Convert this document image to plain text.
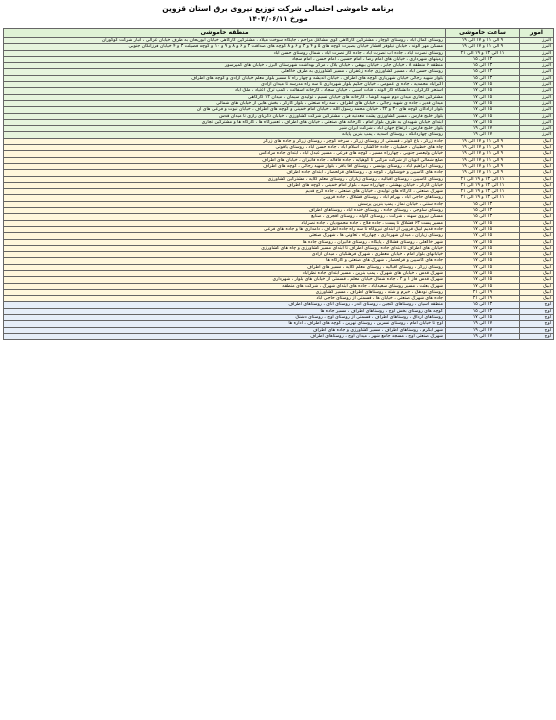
برنامه خاموشی احتمالی شرکت توزیع نیروی برق استان قزوین
مورخ ۱۴۰۴/۰۶/۱۱
امور	ساعت خاموشی	منطقه خاموشی
البرز	۹ الی ۱۱ و ۱۷ الی ۱۹	روستای کمال آباد ، روستای کوچار ، مشترکین کارگاهی کوی مشاغل مزاحم ، جایگاه سوخت میلاد ، مشترکین کارگاهی خیابان ابوریحان به طرف خیابان غزالی ، انبار شرکت گوگوران
البرز	۹ الی ۱۱ و ۱۷ الی ۱۹	مسکن مهر الوند ، خیابان نیلوفر اقشار خیابان بصیرت کوچه های ۵ و ۴ و ۳ و ۶ و ۸ کوچه های صداقت ۳ و ۶ و ۸ و ۹ و ۱۰ و کوچه فضیلت ۳ و ۴ خیابان فرزانگان جنوبی
البرز	۱۱ الی ۱۳ و ۱۹ الی ۲۱	روستای نصرت آباد ، جاده آب نصرت آباد ، جاده گاز نصرت آباد ، شمال روستای حسن آباد
البرز	۱۳ الی ۱۵	زمینهای شهرداری ، خیابان های امام رضا ، امام حسین ، امام حسن ، امام سجاد
البرز	۱۳ الی ۱۵	منطقه ۶ منطقه ۸ ، خیابان جابر ، خیابان بیهقی ، خیابان بلال ، مرکز بهداشت شهرستان البرز ، خیابان های کمپرسور
البرز	۱۳ الی ۱۵	روستای حسن آباد ، مسیر کشاورزی جاده زعفران ، مسیر کشاورزی به طرف خاکعلی
البرز	۱۳ الی ۱۵	بلوار شهید رجائی خیابان شهریاری کوچه های اطراف ، خیابان اندیشه و چهار راه تا مسیر بلوار معلم خیابان آزادی و کوچه های اطراف
البرز	۱۵ الی ۱۷	اکبرآباد محمدیه ، جاده ی عمومی ، خیابان حکیم بلوار شهرداری تا سه راه مدرسه تا میدان آزادی
البرز	۱۵ الی ۱۷	استخر کارگران ، دانشگاه کار الوند ، قنات اسبی ، خیابان سجاد ، کارخانه آسفالت ، کمپ ترک اعتیاد ، ملک آباد
البرز	۱۵ الی ۱۷	مشترکین تجاری میدان دوم شهید کوشا ، کارخانه های خیابان نسیم ، تولیدی سیمان ، میدان ۱۲ کارگاهی
البرز	۱۵ الی ۱۷	میدان قدیر ، جاده ی شهید رجائی ، خیابان های اطراف ، سه راه صنعتی ، بلوار کارگر ، بخش هایی از خیابان های شمالی
البرز	۱۵ الی ۱۷	بلوار آزادگان کوچه های ۳۰ و ۳۲ ، خیابان محمد رسول الله ، خیابان امام خمینی و کوچه های اطراف ، خیابان نبوت و فرعی های آن
البرز	۱۵ الی ۱۷	بلوار خلیج فارس ، مسیر کشاورزی پشت معدنیه قی ، مشترکین شرکت کشاورزی ، خیابان ذکریای رازی تا میدان قدس
البرز	۱۵ الی ۱۷	ابتدای خیابان شهیدان به طرف بلوار امام ، کارخانه های صنعتی ، خیابان های اطراف ، تعمیرگاه ها ، کارگاه ها و مشترکین تجاری
البرز	۱۷ الی ۱۹	بلوار خلیج فارس ، ارتفاع جهان آباد ، شرکت ایران شیر
البرز	۱۷ الی ۱۹	روستای چهاردانگه ، روستای اسدیه ، پمپ بنزین پایانه
آبیک	۹ الی ۱۱ و ۱۷ الی ۱۹	جاده زرگر ، باغ کوثر ، قسمتی از روستای زرگر ، سرخه کوچر ، روستای زرگر و جاده های زرگر
آبیک	۹ الی ۱۱ و ۱۷ الی ۱۹	چاه های خطیبان ، خطیبان ، جاده خاکشان ، اسلام آباد ، جاده حسن آباد ، روستای یاقوتی
آبیک	۹ الی ۱۱ و ۱۷ الی ۱۹	خیابان ولیعصر جنوبی ، چهارراه مسیر ، کوچه های فرعی ، مسیر عبدل آباد ، ابتدای جاده مرادکس
آبیک	۹ الی ۱۱ و ۱۷ الی ۱۹	ضلع شمالی اتوبان از شرکت مرکبی تا کوهپایه ، جاده قاقاله ، جاده فاتیزان ، خیابان های اطراف
آبیک	۹ الی ۱۱ و ۱۷ الی ۱۹	روستای ابراهیم آباد ، روستای یونسی ، روستای آقا باقر ، بلوار شهید رجائی ، کوچه های اطراف
آبیک	۹ الی ۱۱ و ۱۷ الی ۱۹	جاده های کاسپین و خوشگوار ، کوچه ی ، روستاهای قزلحصار ، ابتدای جاده اطراف
آبیک	۱۱ الی ۱۳ و ۱۹ الی ۲۱	روستای کاسپین ، روستای اقبالیه ، روستای زیاران ، روستای معلم کلایه ، مشترکین کشاورزی
آبیک	۱۱ الی ۱۳ و ۱۹ الی ۲۱	خیابان کارگر ، خیابان بهشتی ، چهارراه سپه ، بلوار امام خمینی ، کوچه های اطراف
آبیک	۱۱ الی ۱۳ و ۱۹ الی ۲۱	شهرک صنعتی ، کارگاه های تولیدی ، خیابان های صنعتی ، جاده کرج قدیم
آبیک	۱۱ الی ۱۳ و ۱۹ الی ۲۱	روستاهای حاجی آباد ، بهرام آباد ، روستای قشلاق ، جاده قزوین
آبیک	۱۳ الی ۱۵	جاده سنتی ، خیابان نماز ، پمپ بنزین پرسش
آبیک	۱۳ الی ۱۵	روستای ساوجی ، روستای جاده ، روستای خنده آباد ، روستاهای اطراف
آبیک	۱۳ الی ۱۵	مسکن نیروی سهند ، شرکت ، روستای گاوله ، روستای آقجری ، صنایع
آبیک	۱۵ الی ۱۷	مسیر پست ۶۳ قشلاق تا پست ، جاده فلاح ، جاده محمودیان ، جاده نصرآباد
آبیک	۱۵ الی ۱۷	جاده قدیم آبیک قزوین از ابتدای نیروگاه تا سه راه جاده اطراف ، دامداری ها و جاده های فرعی
آبیک	۱۵ الی ۱۷	روستای زیاران ، میدان شهرداری ، چهارراه ، تعاونی ها ، شهرک صنعتی
آبیک	۱۵ الی ۱۷	شهر خاکعلی ، روستای قشلاق ، پایگاه ، روستای فاتیزان ، روستای جاده ها
آبیک	۱۵ الی ۱۷	خیابان های اطراف تا ابتدای جاده روستای اطراف تا ابتدای مسیر کشاورزی و چاه های کشاورزی
آبیک	۱۵ الی ۱۷	خیابانهای بلوار امام ، خیابان معطری ، شهرک فرهنگیان ، میدان آزادی
آبیک	۱۵ الی ۱۷	جاده های کاسپین و قزلحصار ، شهرک های صنعتی و کارگاه ها
آبیک	۱۵ الی ۱۷	روستای زرگر ، روستای اقبالیه ، روستای معلم کلایه ، مسیر های اطراف
آبیک	۱۵ الی ۱۷	شهرک قدس ، خیابان های شهرک ، پمپ بنزین ، مسیر ابتدای جاده نظرآباد
آبیک	۱۵ الی ۱۷	شهرک قدس فاز ۱ و ۲ ، جاده شمال خیابان معلم ، قسمتی از خیابان های بلوار ، شهرداری
آبیک	۱۵ الی ۱۷	شهرک بعثت ، مسیر روستای سعیدآباد ، جاده های ابتدای شهرک ، شرکت های منطقه
آبیک	۱۹ الی ۲۱	روستای نودهک ، خیرم و شته ، روستاهای اطراف ، مسیر کشاورزی
آبیک	۱۹ الی ۲۱	جاده های شهرک صنعتی ، خیابان ها ، قسمتی از روستای حاجی آباد
آوج	۱۳ الی ۱۵	منطقه آسیان ، روستاهای کنجین ، روستای اندر ، روستای آنای ، روستاهای اطراف
آوج	۱۳ الی ۱۵	کوچه های روستای بخش آوج ، روستاهای اطراف ، مسیر جاده ها
آوج	۱۵ الی ۱۷	روستاهای ارداق ، روستاهای اطراف ، قسمتی از روستای آوج ، روستای دشتک
آوج	۱۷ الی ۱۹	آوج تا خیابان امام ، روستای نسرین ، روستای نهرین ، کوچه های اطراف ، اداره ها
آوج	۱۷ الی ۱۹	شهر آبگرم ، روستاهای اطراف ، مسیر کشاورزی و جاده های اطراف
آوج	۱۷ الی ۱۹	شهرک صنعتی آوج ، مسجد جامع شهر ، میدان آوج ، روستاهای اطراف
